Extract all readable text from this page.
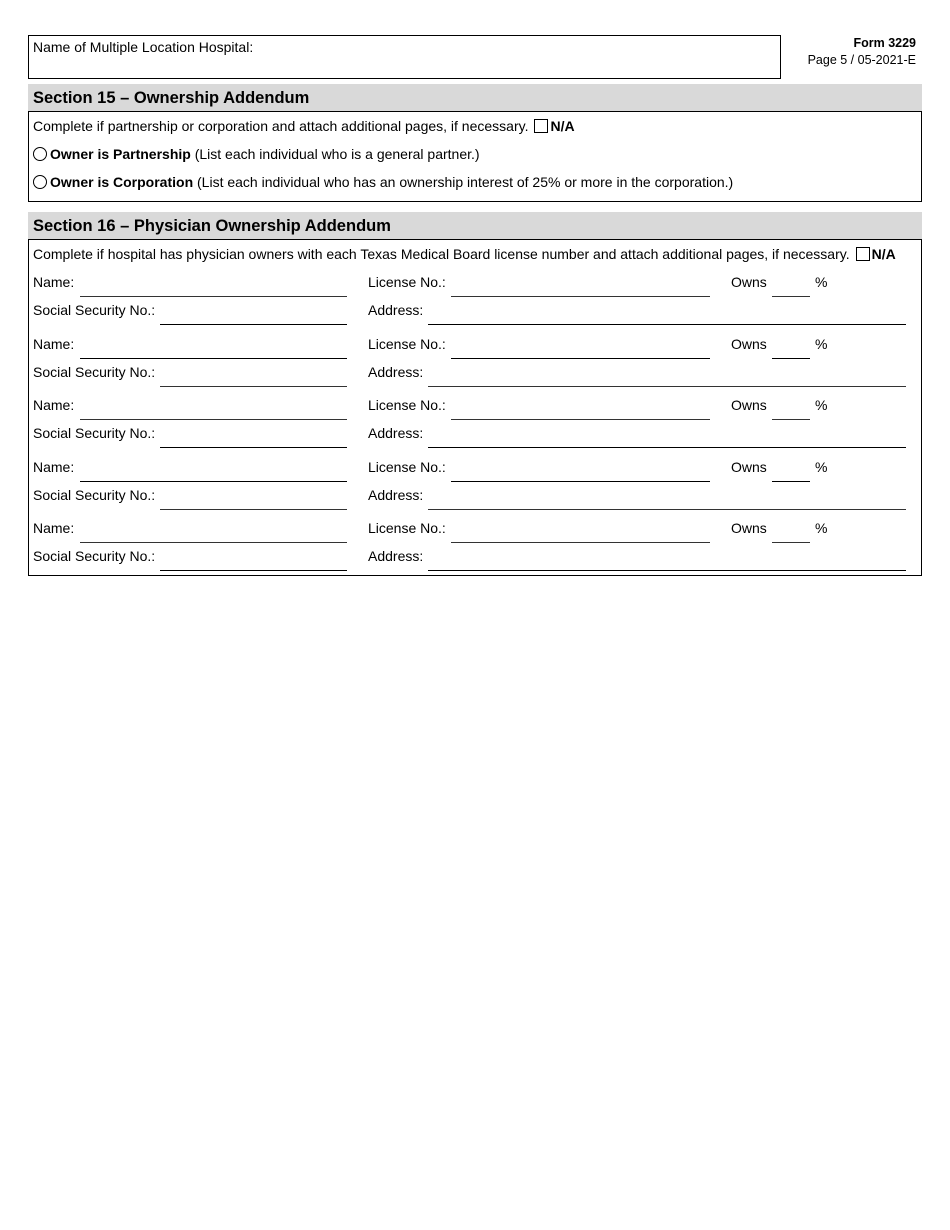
Name of Multiple Location Hospital:	Form 3229
Page 5 / 05-2021-E
Section 15 – Ownership Addendum
Complete if partnership or corporation and attach additional pages, if necessary. N/A
Owner is Partnership (List each individual who is a general partner.)
Owner is Corporation (List each individual who has an ownership interest of 25% or more in the corporation.)
Section 16 – Physician Ownership Addendum
Complete if hospital has physician owners with each Texas Medical Board license number and attach additional pages, if necessary. N/A
Name:	License No.:	Owns	%
Social Security No.:	Address:
Name:	License No.:	Owns	%
Social Security No.:	Address:
Name:	License No.:	Owns	%
Social Security No.:	Address:
Name:	License No.:	Owns	%
Social Security No.:	Address:
Name:	License No.:	Owns	%
Social Security No.:	Address:
